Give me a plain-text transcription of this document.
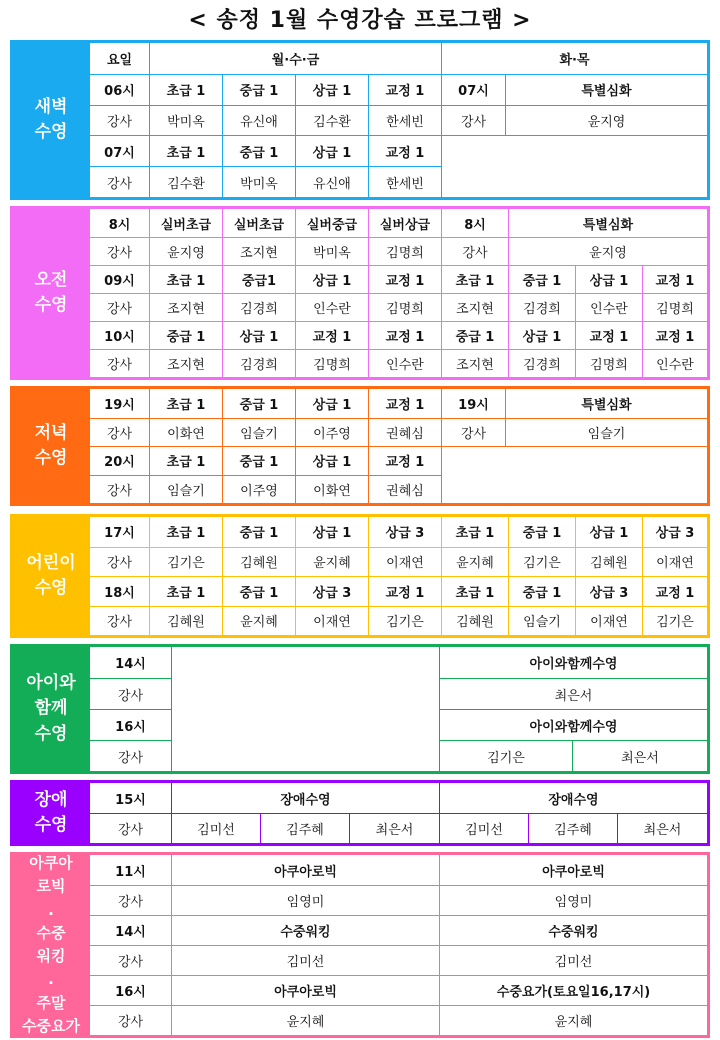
< 송정 1월 수영강습 프로그램 >
새벽
수영
요일	월·수·금	화·목
06시	초급 1	중급 1	상급 1	교정 1	07시	특별심화
강사	박미옥	유신애	김수환	한세빈	강사	윤지영
07시	초급 1	중급 1	상급 1	교정 1
강사	김수환	박미옥	유신애	한세빈
오전
수영
8시	실버초급	실버초급	실버중급	실버상급	8시	특별심화
강사	윤지영	조지현	박미옥	김명희	강사	윤지영
09시	초급 1	중급1	상급 1	교정 1	초급 1	중급 1	상급 1	교정 1
강사	조지현	김경희	인수란	김명희	조지현	김경희	인수란	김명희
10시	중급 1	상급 1	교정 1	교정 1	중급 1	상급 1	교정 1	교정 1
강사	조지현	김경희	김명희	인수란	조지현	김경희	김명희	인수란
저녁
수영
19시	초급 1	중급 1	상급 1	교정 1	19시	특별심화
강사	이화연	임슬기	이주영	권혜심	강사	임슬기
20시	초급 1	중급 1	상급 1	교정 1
강사	임슬기	이주영	이화연	권혜심
어린이
수영
17시	초급 1	중급 1	상급 1	상급 3	초급 1	중급 1	상급 1	상급 3
강사	김기은	김혜원	윤지혜	이재연	윤지혜	김기은	김혜원	이재연
18시	초급 1	중급 1	상급 3	교정 1	초급 1	중급 1	상급 3	교정 1
강사	김혜원	윤지혜	이재연	김기은	김혜원	임슬기	이재연	김기은
아이와
함께
수영
14시	아이와함께수영
강사	최은서
16시	아이와함께수영
강사	김기은	최은서
장애
수영
15시	장애수영	장애수영
강사	김미선	김주혜	최은서	김미선	김주혜	최은서
아쿠아
로빅
.
수중
워킹
.
주말
수중요가
11시	아쿠아로빅	아쿠아로빅
강사	임영미	임영미
14시	수중워킹	수중워킹
강사	김미선	김미선
16시	아쿠아로빅	수중요가(토요일16,17시)
강사	윤지혜	윤지혜
